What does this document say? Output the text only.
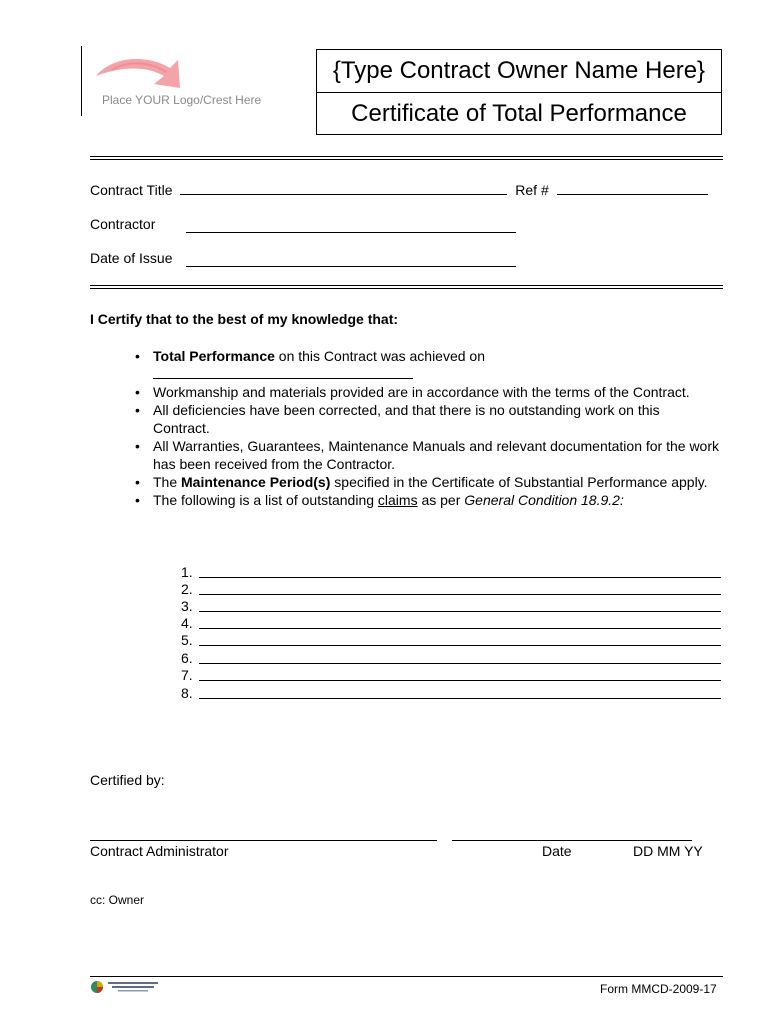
Place YOUR Logo/Crest Here
{Type Contract Owner Name Here}
Certificate of Total Performance
Contract Title	Ref #
Contractor
Date of Issue
I Certify that to the best of my knowledge that:
• Total Performance on this Contract was achieved on

• Workmanship and materials provided are in accordance with the terms of the Contract.
• All deficiencies have been corrected, and that there is no outstanding work on this Contract.
• All Warranties, Guarantees, Maintenance Manuals and relevant documentation for the work has been received from the Contractor.
• The Maintenance Period(s) specified in the Certificate of Substantial Performance apply.
• The following is a list of outstanding claims as per General Condition 18.9.2:
1.
2.
3.
4.
5.
6.
7.
8.
Certified by:
Contract Administrator	Date	DD MM YY
cc: Owner
Form MMCD-2009-17
